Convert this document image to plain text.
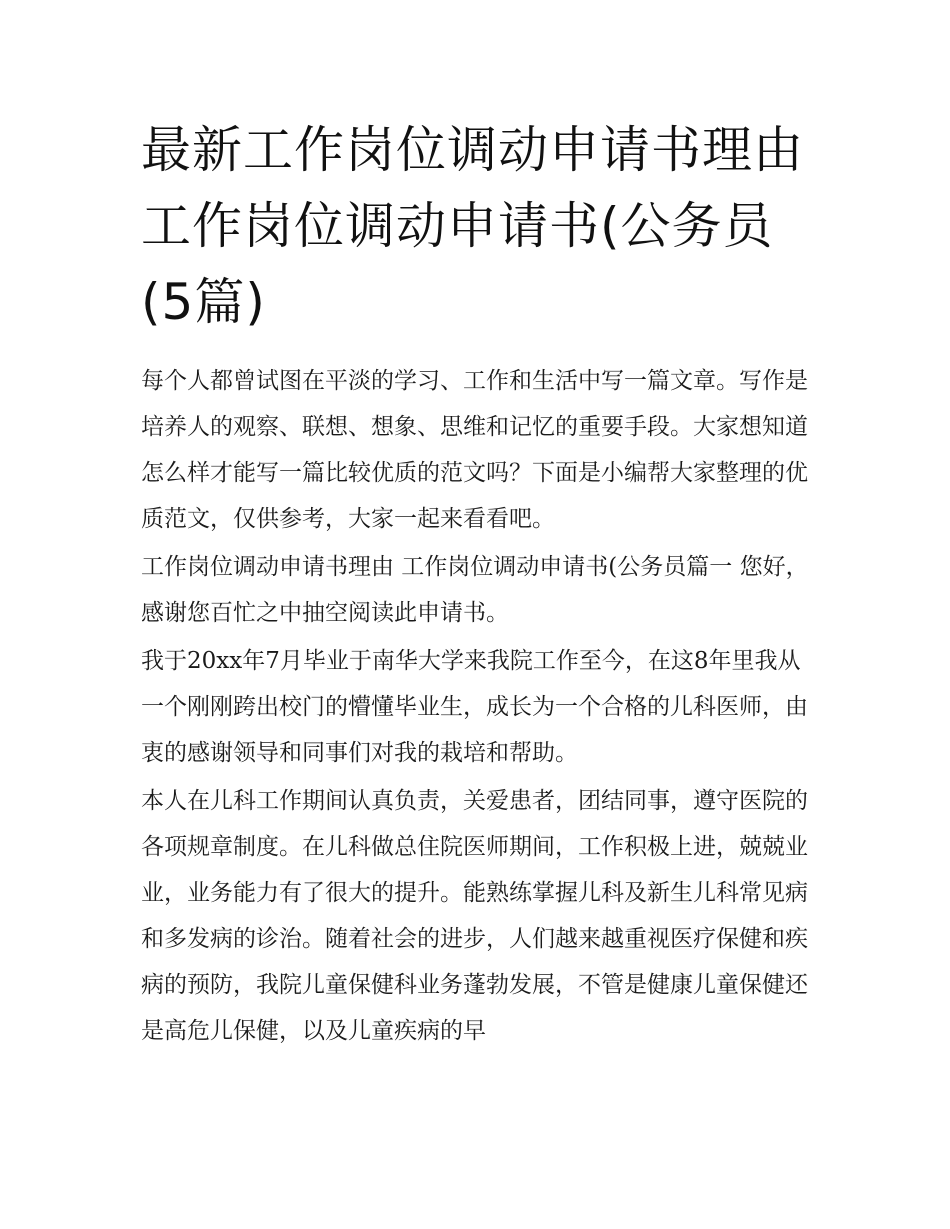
最新工作岗位调动申请书理由 工作岗位调动申请书(公务员(5篇)

每个人都曾试图在平淡的学习、工作和生活中写一篇文章。写作是培养人的观察、联想、想象、思维和记忆的重要手段。大家想知道怎么样才能写一篇比较优质的范文吗？下面是小编帮大家整理的优质范文，仅供参考，大家一起来看看吧。

工作岗位调动申请书理由 工作岗位调动申请书(公务员篇一 您好，感谢您百忙之中抽空阅读此申请书。

我于20xx年7月毕业于南华大学来我院工作至今，在这8年里我从一个刚刚跨出校门的懵懂毕业生，成长为一个合格的儿科医师，由衷的感谢领导和同事们对我的栽培和帮助。

本人在儿科工作期间认真负责，关爱患者，团结同事，遵守医院的各项规章制度。在儿科做总住院医师期间，工作积极上进，兢兢业业，业务能力有了很大的提升。能熟练掌握儿科及新生儿科常见病和多发病的诊治。随着社会的进步，人们越来越重视医疗保健和疾病的预防，我院儿童保健科业务蓬勃发展，不管是健康儿童保健还是高危儿保健，以及儿童疾病的早
